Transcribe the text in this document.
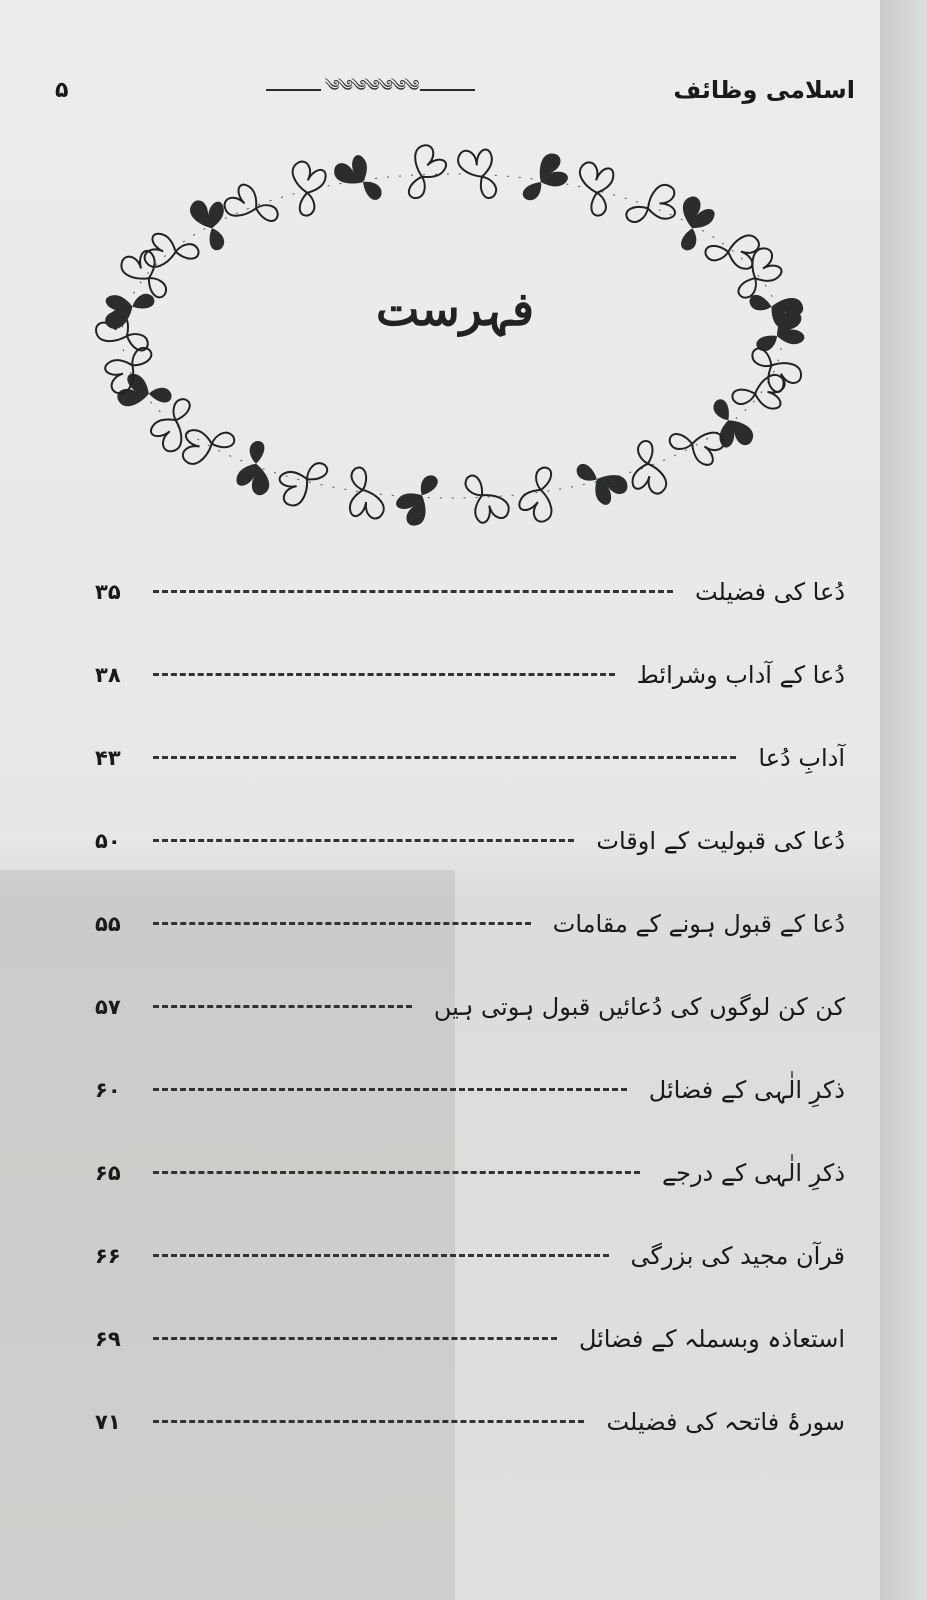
اسلامی وظائف
༄༄༄༄༄༄༄
۵
فہرست
دُعا کی فضیلت
۳۵
دُعا کے آداب وشرائط
۳۸
آدابِ دُعا
۴۳
دُعا کی قبولیت کے اوقات
۵۰
دُعا کے قبول ہونے کے مقامات
۵۵
کن کن لوگوں کی دُعائیں قبول ہوتی ہیں
۵۷
ذکرِ الٰہی کے فضائل
۶۰
ذکرِ الٰہی کے درجے
۶۵
قرآن مجید کی بزرگی
۶۶
استعاذہ وبسملہ کے فضائل
۶۹
سورۂ فاتحہ کی فضیلت
۷۱
